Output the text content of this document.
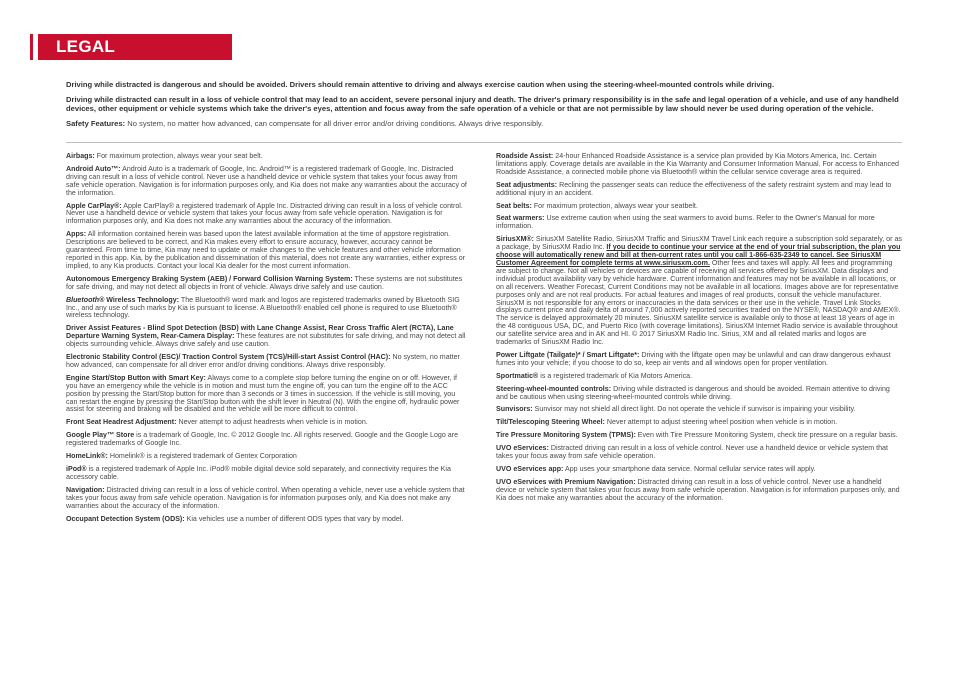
LEGAL DISCLAIMERS

Driving while distracted is dangerous and should be avoided. Drivers should remain attentive to driving and always exercise caution when using the steering-wheel-mounted controls while driving.

Driving while distracted can result in a loss of vehicle control that may lead to an accident, severe personal injury and death. The driver's primary responsibility is in the safe and legal operation of a vehicle, and use of any handheld devices, other equipment or vehicle systems which take the driver's eyes, attention and focus away from the safe operation of a vehicle or that are not permissible by law should never be used during operation of the vehicle.

Safety Features: No system, no matter how advanced, can compensate for all driver error and/or driving conditions. Always drive responsibly.

Airbags: For maximum protection, always wear your seat belt.

Android Auto™: Android Auto is a trademark of Google, Inc. Android™ is a registered trademark of Google, Inc. Distracted driving can result in a loss of vehicle control. Never use a handheld device or vehicle system that takes your focus away from safe vehicle operation. Navigation is for information purposes only, and Kia does not make any warranties about the accuracy of the information.

Apple CarPlay®: Apple CarPlay® a registered trademark of Apple Inc. Distracted driving can result in a loss of vehicle control. Never use a handheld device or vehicle system that takes your focus away from safe vehicle operation. Navigation is for information purposes only, and Kia does not make any warranties about the accuracy of the information.

Apps: All information contained herein was based upon the latest available information at the time of appstore registration. Descriptions are believed to be correct, and Kia makes every effort to ensure accuracy, however, accuracy cannot be guaranteed. From time to time, Kia may need to update or make changes to the vehicle features and other vehicle information reported in this app. Kia, by the publication and dissemination of this material, does not create any warranties, either express or implied, to any Kia products. Contact your local Kia dealer for the most current information.

Autonomous Emergency Braking System (AEB) / Forward Collision Warning System: These systems are not substitutes for safe driving, and may not detect all objects in front of vehicle. Always drive safely and use caution.

Bluetooth® Wireless Technology: The Bluetooth® word mark and logos are registered trademarks owned by Bluetooth SIG Inc., and any use of such marks by Kia is pursuant to license. A Bluetooth® enabled cell phone is required to use Bluetooth® wireless technology.

Driver Assist Features - Blind Spot Detection (BSD) with Lane Change Assist, Rear Cross Traffic Alert (RCTA), Lane Departure Warning System, Rear-Camera Display: These features are not substitutes for safe driving, and may not detect all objects surrounding vehicle. Always drive safely and use caution.

Electronic Stability Control (ESC)/ Traction Control System (TCS)/Hill-start Assist Control (HAC): No system, no matter how advanced, can compensate for all driver error and/or driving conditions. Always drive responsibly.

Engine Start/Stop Button with Smart Key: Always come to a complete stop before turning the engine on or off. However, if you have an emergency while the vehicle is in motion and must turn the engine off, you can turn the engine off to the ACC position by pressing the Start/Stop button for more than 3 seconds or 3 times in succession. If the vehicle is still moving, you can restart the engine by pressing the Start/Stop button with the shift lever in Neutral (N). With the engine off, hydraulic power assist for steering and braking will be disabled and the vehicle will be more difficult to control.

Front Seat Headrest Adjustment: Never attempt to adjust headrests when vehicle is in motion.

Google Play™ Store is a trademark of Google, Inc. © 2012 Google Inc. All rights reserved. Google and the Google Logo are registered trademarks of Google Inc.

HomeLink®: Homelink® is a registered trademark of Gentex Corporation

iPod® is a registered trademark of Apple Inc. iPod® mobile digital device sold separately, and connectivity requires the Kia accessory cable.

Navigation: Distracted driving can result in a loss of vehicle control. When operating a vehicle, never use a vehicle system that takes your focus away from safe vehicle operation. Navigation is for information purposes only, and Kia does not make any warranties about the accuracy of the information.

Occupant Detection System (ODS): Kia vehicles use a number of different ODS types that vary by model.

Roadside Assist: 24-hour Enhanced Roadside Assistance is a service plan provided by Kia Motors America, Inc. Certain limitations apply. Coverage details are available in the Kia Warranty and Consumer Information Manual. For access to Enhanced Roadside Assistance, a connected mobile phone via Bluetooth® within the cellular service coverage area is required.

Seat adjustments: Reclining the passenger seats can reduce the effectiveness of the safety restraint system and may lead to additional injury in an accident.

Seat belts: For maximum protection, always wear your seatbelt.

Seat warmers: Use extreme caution when using the seat warmers to avoid burns. Refer to the Owner's Manual for more information.

SiriusXM®: SiriusXM Satellite Radio, SiriusXM Traffic and SiriusXM Travel Link each require a subscription sold separately, or as a package, by SiriusXM Radio Inc. If you decide to continue your service at the end of your trial subscription, the plan you choose will automatically renew and bill at then-current rates until you call 1-866-635-2349 to cancel. See SiriusXM Customer Agreement for complete terms at www.siriusxm.com. Other fees and taxes will apply. All fees and programming are subject to change. Not all vehicles or devices are capable of receiving all services offered by SiriusXM. Data displays and individual product availability vary by vehicle hardware. Current information and features may not be available in all locations, or on all receivers. Weather Forecast, Current Conditions may not be available in all locations. Images above are for representative purposes only and are not real products. For actual features and images of real products, consult the vehicle manufacturer. SiriusXM is not responsible for any errors or inaccuracies in the data services or their use in the vehicle. Travel Link Stocks displays current price and daily delta of around 7,000 actively reported securities traded on the NYSE®, NASDAQ® and AMEX®. The service is delayed approximately 20 minutes. SiriusXM satellite service is available only to those at least 18 years of age in the 48 contiguous USA, DC, and Puerto Rico (with coverage limitations). SiriusXM Internet Radio service is available throughout our satellite service area and in AK and HI. © 2017 SiriusXM Radio Inc. Sirius, XM and all related marks and logos are trademarks of SiriusXM Radio Inc.

Power Liftgate (Tailgate)* / Smart Liftgate*: Driving with the liftgate open may be unlawful and can draw dangerous exhaust fumes into your vehicle; if you choose to do so, keep air vents and all windows open for proper ventilation.

Sportmatic® is a registered trademark of Kia Motors America.

Steering-wheel-mounted controls: Driving while distracted is dangerous and should be avoided. Remain attentive to driving and be cautious when using steering-wheel-mounted controls while driving.

Sunvisors: Sunvisor may not shield all direct light. Do not operate the vehicle if sunvisor is impairing your visibility.

Tilt/Telescoping Steering Wheel: Never attempt to adjust steering wheel position when vehicle is in motion.

Tire Pressure Monitoring System (TPMS): Even with Tire Pressure Monitoring System, check tire pressure on a regular basis.

UVO eServices: Distracted driving can result in a loss of vehicle control. Never use a handheld device or vehicle system that takes your focus away from safe vehicle operation.

UVO eServices app: App uses your smartphone data service. Normal cellular service rates will apply.

UVO eServices with Premium Navigation: Distracted driving can result in a loss of vehicle control. Never use a handheld device or vehicle system that takes your focus away from safe vehicle operation. Navigation is for information purposes only, and Kia does not make any warranties about the accuracy of the information.
